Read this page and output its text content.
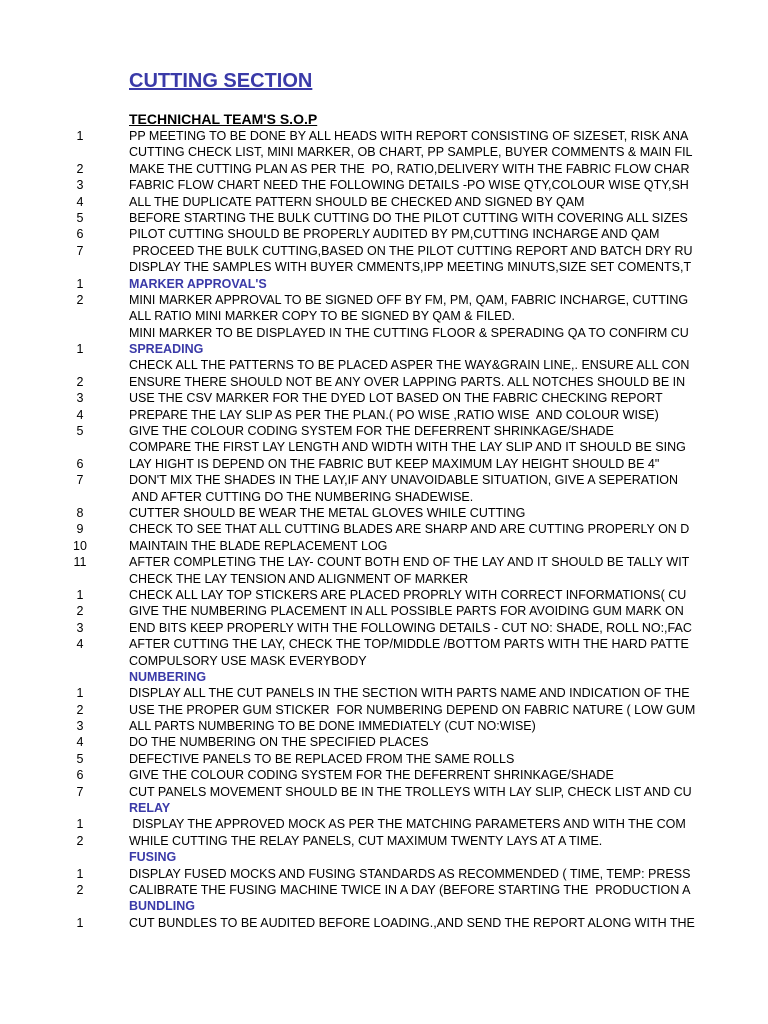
CUTTING SECTION
TECHNICHAL TEAM'S S.O.P
1	PP MEETING TO BE DONE BY ALL HEADS WITH REPORT CONSISTING OF SIZESET, RISK ANA
CUTTING CHECK LIST, MINI MARKER, OB CHART, PP SAMPLE, BUYER COMMENTS & MAIN FIL
2	MAKE THE CUTTING PLAN AS PER THE  PO, RATIO,DELIVERY WITH THE FABRIC FLOW CHAR
3	FABRIC FLOW CHART NEED THE FOLLOWING DETAILS -PO WISE QTY,COLOUR WISE QTY,SH
4	ALL THE DUPLICATE PATTERN SHOULD BE CHECKED AND SIGNED BY QAM
5	BEFORE STARTING THE BULK CUTTING DO THE PILOT CUTTING WITH COVERING ALL SIZES
6	PILOT CUTTING SHOULD BE PROPERLY AUDITED BY PM,CUTTING INCHARGE AND QAM
7	PROCEED THE BULK CUTTING,BASED ON THE PILOT CUTTING REPORT AND BATCH DRY RU
DISPLAY THE SAMPLES WITH BUYER CMMENTS,IPP MEETING MINUTS,SIZE SET COMENTS,T
1	MARKER APPROVAL'S
2	MINI MARKER APPROVAL TO BE SIGNED OFF BY FM, PM, QAM, FABRIC INCHARGE, CUTTING
ALL RATIO MINI MARKER COPY TO BE SIGNED BY QAM & FILED.
MINI MARKER TO BE DISPLAYED IN THE CUTTING FLOOR & SPERADING QA TO CONFIRM CU
1	SPREADING
CHECK ALL THE PATTERNS TO BE PLACED ASPER THE WAY&GRAIN LINE,. ENSURE ALL CON
2	ENSURE THERE SHOULD NOT BE ANY OVER LAPPING PARTS. ALL NOTCHES SHOULD BE IN
3	USE THE CSV MARKER FOR THE DYED LOT BASED ON THE FABRIC CHECKING REPORT
4	PREPARE THE LAY SLIP AS PER THE PLAN.( PO WISE ,RATIO WISE  AND COLOUR WISE)
5	GIVE THE COLOUR CODING SYSTEM FOR THE DEFERRENT SHRINKAGE/SHADE
COMPARE THE FIRST LAY LENGTH AND WIDTH WITH THE LAY SLIP AND IT SHOULD BE SING
6	LAY HIGHT IS DEPEND ON THE FABRIC BUT KEEP MAXIMUM LAY HEIGHT SHOULD BE 4"
7	DON'T MIX THE SHADES IN THE LAY,IF ANY UNAVOIDABLE SITUATION, GIVE A SEPERATION
AND AFTER CUTTING DO THE NUMBERING SHADEWISE.
8	CUTTER SHOULD BE WEAR THE METAL GLOVES WHILE CUTTING
9	CHECK TO SEE THAT ALL CUTTING BLADES ARE SHARP AND ARE CUTTING PROPERLY ON D
10	MAINTAIN THE BLADE REPLACEMENT LOG
11	AFTER COMPLETING THE LAY- COUNT BOTH END OF THE LAY AND IT SHOULD BE TALLY WIT
CHECK THE LAY TENSION AND ALIGNMENT OF MARKER
1	CHECK ALL LAY TOP STICKERS ARE PLACED PROPRLY WITH CORRECT INFORMATIONS( CU
2	GIVE THE NUMBERING PLACEMENT IN ALL POSSIBLE PARTS FOR AVOIDING GUM MARK ON
3	END BITS KEEP PROPERLY WITH THE FOLLOWING DETAILS - CUT NO: SHADE, ROLL NO:,FAC
4	AFTER CUTTING THE LAY, CHECK THE TOP/MIDDLE /BOTTOM PARTS WITH THE HARD PATTE
COMPULSORY USE MASK EVERYBODY
NUMBERING
1	DISPLAY ALL THE CUT PANELS IN THE SECTION WITH PARTS NAME AND INDICATION OF THE
2	USE THE PROPER GUM STICKER  FOR NUMBERING DEPEND ON FABRIC NATURE ( LOW GUM
3	ALL PARTS NUMBERING TO BE DONE IMMEDIATELY (CUT NO:WISE)
4	DO THE NUMBERING ON THE SPECIFIED PLACES
5	DEFECTIVE PANELS TO BE REPLACED FROM THE SAME ROLLS
6	GIVE THE COLOUR CODING SYSTEM FOR THE DEFERRENT SHRINKAGE/SHADE
7	CUT PANELS MOVEMENT SHOULD BE IN THE TROLLEYS WITH LAY SLIP, CHECK LIST AND CU
RELAY
1	DISPLAY THE APPROVED MOCK AS PER THE MATCHING PARAMETERS AND WITH THE COM
2	WHILE CUTTING THE RELAY PANELS, CUT MAXIMUM TWENTY LAYS AT A TIME.
FUSING
1	DISPLAY FUSED MOCKS AND FUSING STANDARDS AS RECOMMENDED ( TIME, TEMP: PRESS
2	CALIBRATE THE FUSING MACHINE TWICE IN A DAY (BEFORE STARTING THE  PRODUCTION A
BUNDLING
1	CUT BUNDLES TO BE AUDITED BEFORE LOADING.,AND SEND THE REPORT ALONG WITH THE
